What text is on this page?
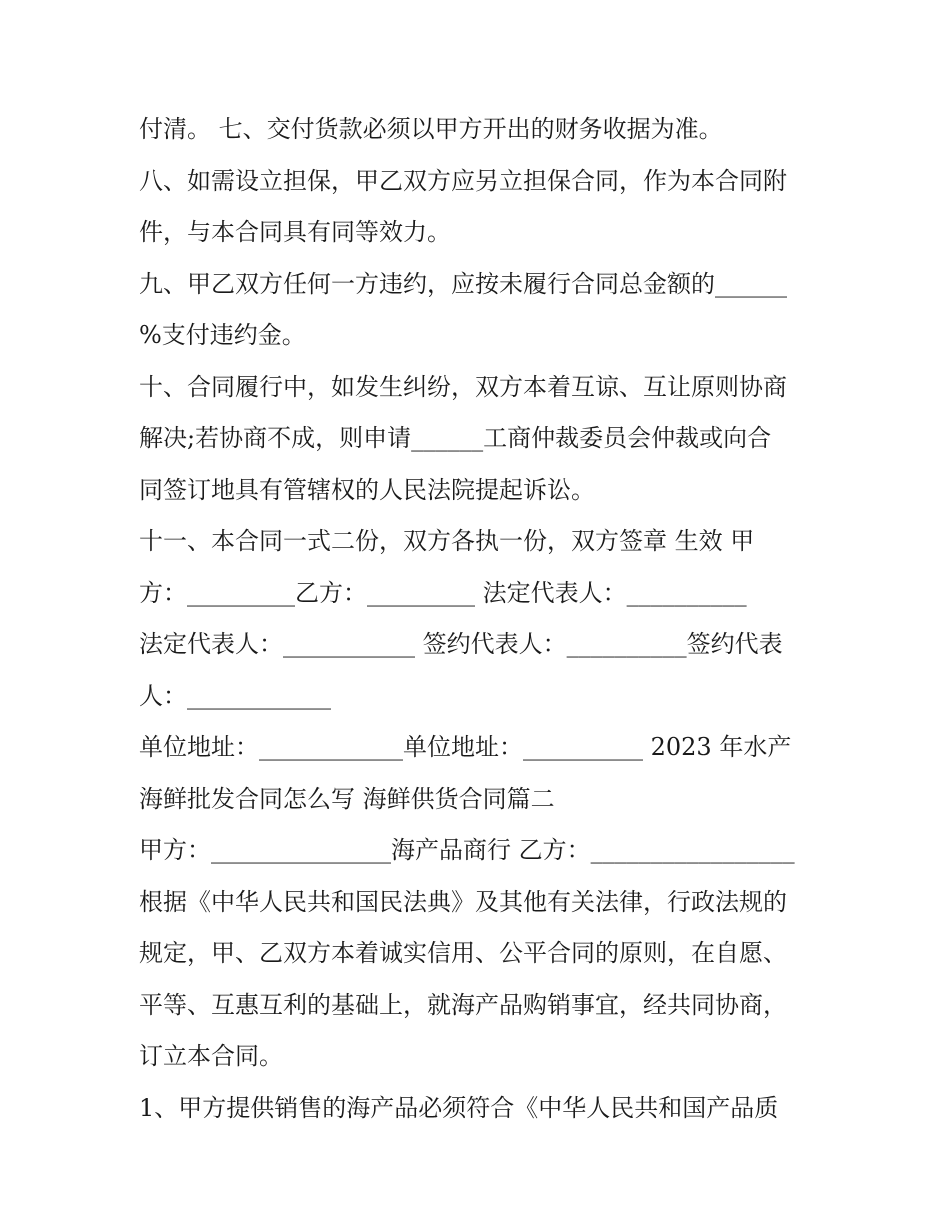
付清。 七、交付货款必须以甲方开出的财务收据为准。
八、如需设立担保，甲乙双方应另立担保合同，作为本合同附
件，与本合同具有同等效力。
九、甲乙双方任何一方违约，应按未履行合同总金额的______
%支付违约金。
十、合同履行中，如发生纠纷，双方本着互谅、互让原则协商
解决;若协商不成，则申请______工商仲裁委员会仲裁或向合
同签订地具有管辖权的人民法院提起诉讼。
十一、本合同一式二份，双方各执一份，双方签章 生效 甲
方：_________乙方：_________ 法定代表人：__________
法定代表人：___________ 签约代表人：__________签约代表
人：____________
单位地址：____________单位地址：__________ 2023 年水产
海鲜批发合同怎么写 海鲜供货合同篇二
甲方：_______________海产品商行 乙方：_________________
根据《中华人民共和国民法典》及其他有关法律，行政法规的
规定，甲、乙双方本着诚实信用、公平合同的原则，在自愿、
平等、互惠互利的基础上，就海产品购销事宜，经共同协商，
订立本合同。
1、甲方提供销售的海产品必须符合《中华人民共和国产品质
